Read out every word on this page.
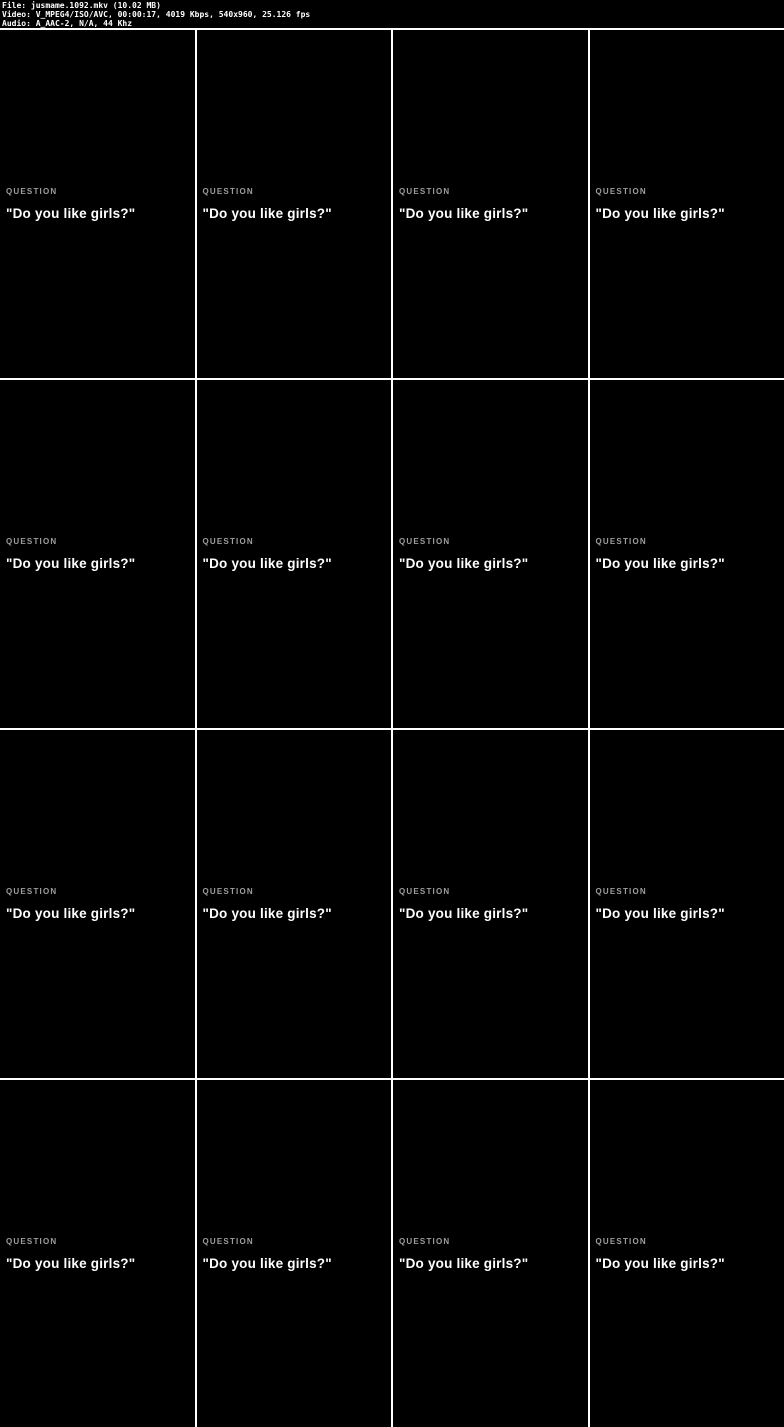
File: jusmame.1092.mkv (10.02 MB)
Video: V_MPEG4/ISO/AVC, 00:00:17, 4019 Kbps, 540x960, 25.126 fps
Audio: A_AAC-2, N/A, 44 Khz
QUESTION
"Do you like girls?"
QUESTION
"Do you like girls?"
QUESTION
"Do you like girls?"
QUESTION
"Do you like girls?"
QUESTION
"Do you like girls?"
QUESTION
"Do you like girls?"
QUESTION
"Do you like girls?"
QUESTION
"Do you like girls?"
QUESTION
"Do you like girls?"
QUESTION
"Do you like girls?"
QUESTION
"Do you like girls?"
QUESTION
"Do you like girls?"
QUESTION
"Do you like girls?"
QUESTION
"Do you like girls?"
QUESTION
"Do you like girls?"
QUESTION
"Do you like girls?"
